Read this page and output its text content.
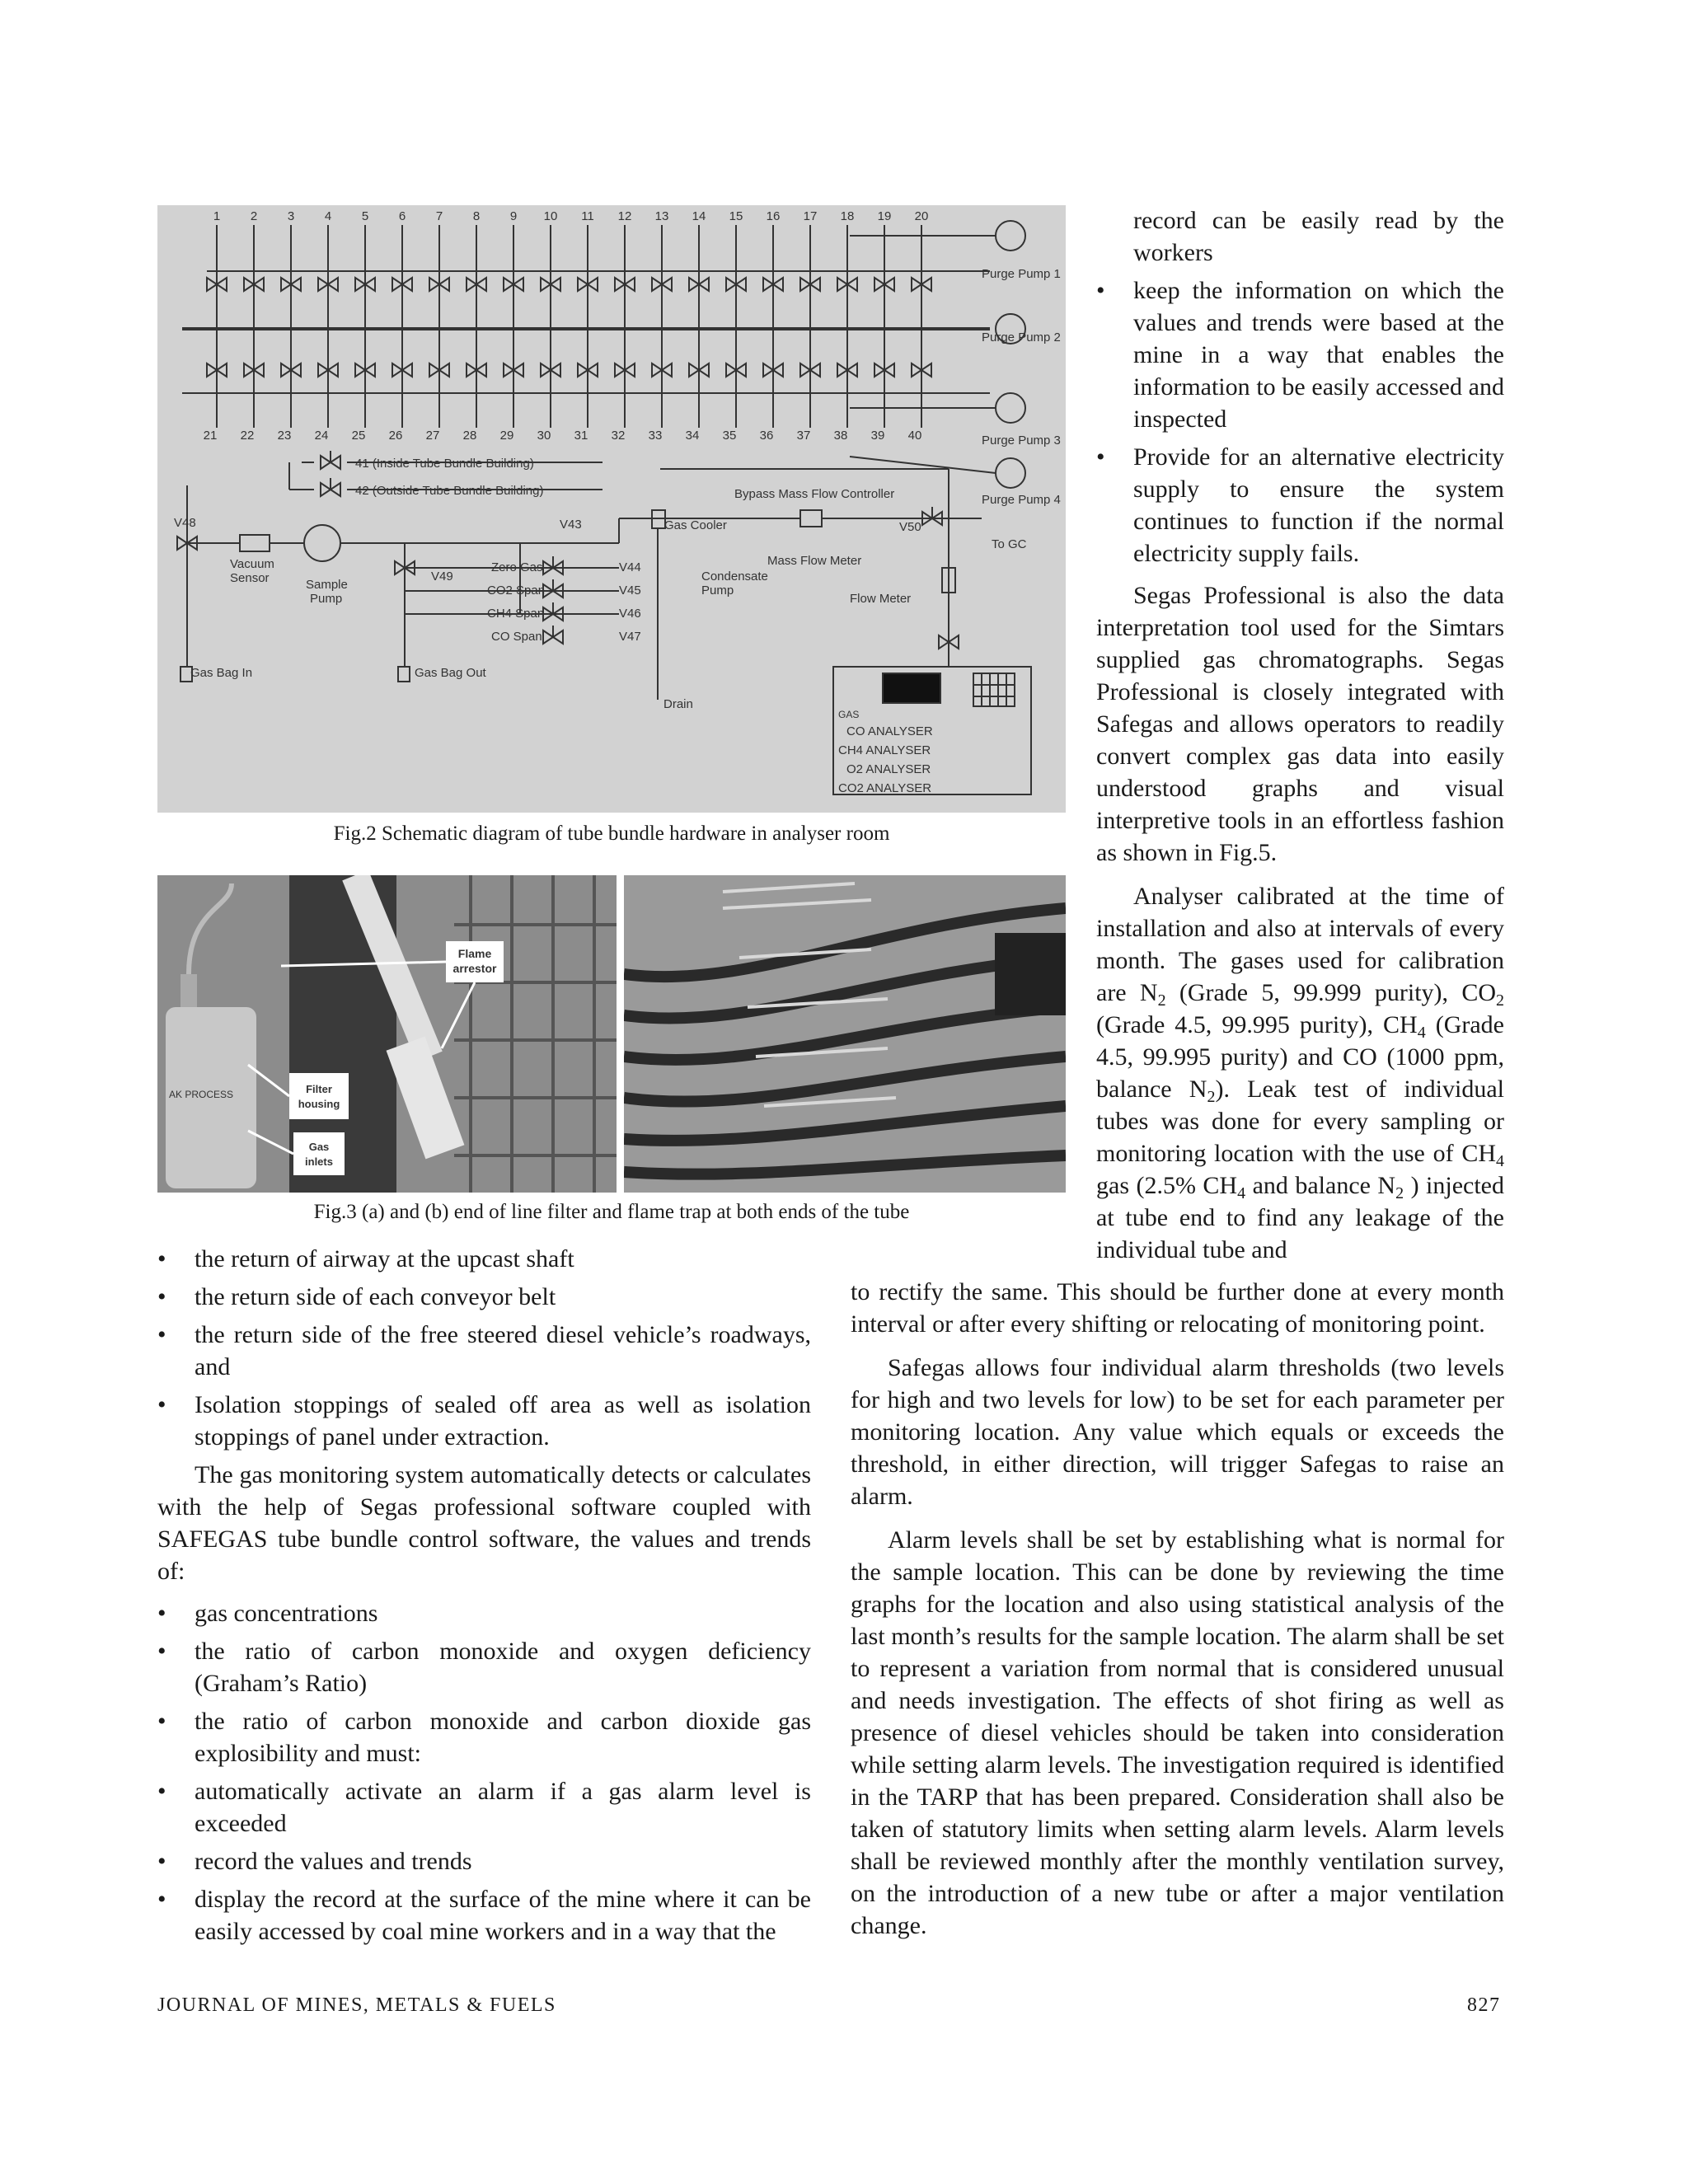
1 2 3 4 5 6 7 8 9 10 11 12 13 14 15 16 17 18 19 20
21 22 23 24 25 26 27 28 29 30 31 32 33 34 35 36 37 38 39 40
Purge Pump 1
Purge Pump 2
Purge Pump 3
Purge Pump 4
41 (Inside Tube Bundle Building)
42 (Outside Tube Bundle Building)	Bypass Mass Flow Controller
V48	V43
V49
V50
V44
V45
V46
V47
Vacuum
Sensor	Sample
Pump
Zero Gas
CO2 Span
CH4 Span
CO Span
Gas Cooler
Condensate
Pump
Mass Flow Meter
To GC
Flow Meter
Gas Bag In	Gas Bag Out
Drain
GAS
CO ANALYSER
CH4 ANALYSER
O2 ANALYSER
CO2 ANALYSER
Fig.2 Schematic diagram of tube bundle hardware in analyser room
Flame
arrestor
Filter
housing
Gas
inlets
AK PROCESS
Fig.3 (a) and (b) end of line filter and flame trap at both ends of the tube

record can be easily read by the workers

• keep the information on which the values and trends were based at the mine in a way that enables the information to be easily accessed and inspected
• Provide for an alternative electricity supply to ensure the system continues to function if the normal electricity supply fails.

Segas Professional is also the data interpretation tool used for the Simtars supplied gas chromatographs. Segas Professional is closely integrated with Safegas and allows operators to readily convert complex gas data into easily understood graphs and visual interpretive tools in an effortless fashion as shown in Fig.5.

Analyser calibrated at the time of installation and also at intervals of every month. The gases used for calibration are $N_2$ (Grade 5, 99.999 purity), $CO_2$ (Grade 4.5, 99.995 purity), $CH_4$ (Grade 4.5, 99.995 purity) and CO (1000 ppm, balance $N_2$). Leak test of individual tubes was done for every sampling or monitoring location with the use of $CH_4$ gas (2.5% $CH_4$ and balance $N_2$ ) injected at tube end to find any leakage of the individual tube and

• the return of airway at the upcast shaft
• the return side of each conveyor belt
• the return side of the free steered diesel vehicle’s roadways, and
• Isolation stoppings of sealed off area as well as isolation stoppings of panel under extraction.

The gas monitoring system automatically detects or calculates with the help of Segas professional software coupled with SAFEGAS tube bundle control software, the values and trends of:

• gas concentrations
• the ratio of carbon monoxide and oxygen deficiency (Graham’s Ratio)
• the ratio of carbon monoxide and carbon dioxide gas explosibility and must:
• automatically activate an alarm if a gas alarm level is exceeded
• record the values and trends
• display the record at the surface of the mine where it can be easily accessed by coal mine workers and in a way that the

to rectify the same. This should be further done at every month interval or after every shifting or relocating of monitoring point.

Safegas allows four individual alarm thresholds (two levels for high and two levels for low) to be set for each parameter per monitoring location. Any value which equals or exceeds the threshold, in either direction, will trigger Safegas to raise an alarm.

Alarm levels shall be set by establishing what is normal for the sample location. This can be done by reviewing the time graphs for the location and also using statistical analysis of the last month’s results for the sample location. The alarm shall be set to represent a variation from normal that is considered unusual and needs investigation. The effects of shot firing as well as presence of diesel vehicles should be taken into consideration while setting alarm levels. The investigation required is identified in the TARP that has been prepared. Consideration shall also be taken of statutory limits when setting alarm levels. Alarm levels shall be reviewed monthly after the monthly ventilation survey, on the introduction of a new tube or after a major ventilation change.

JOURNAL OF MINES, METALS & FUELS	827
